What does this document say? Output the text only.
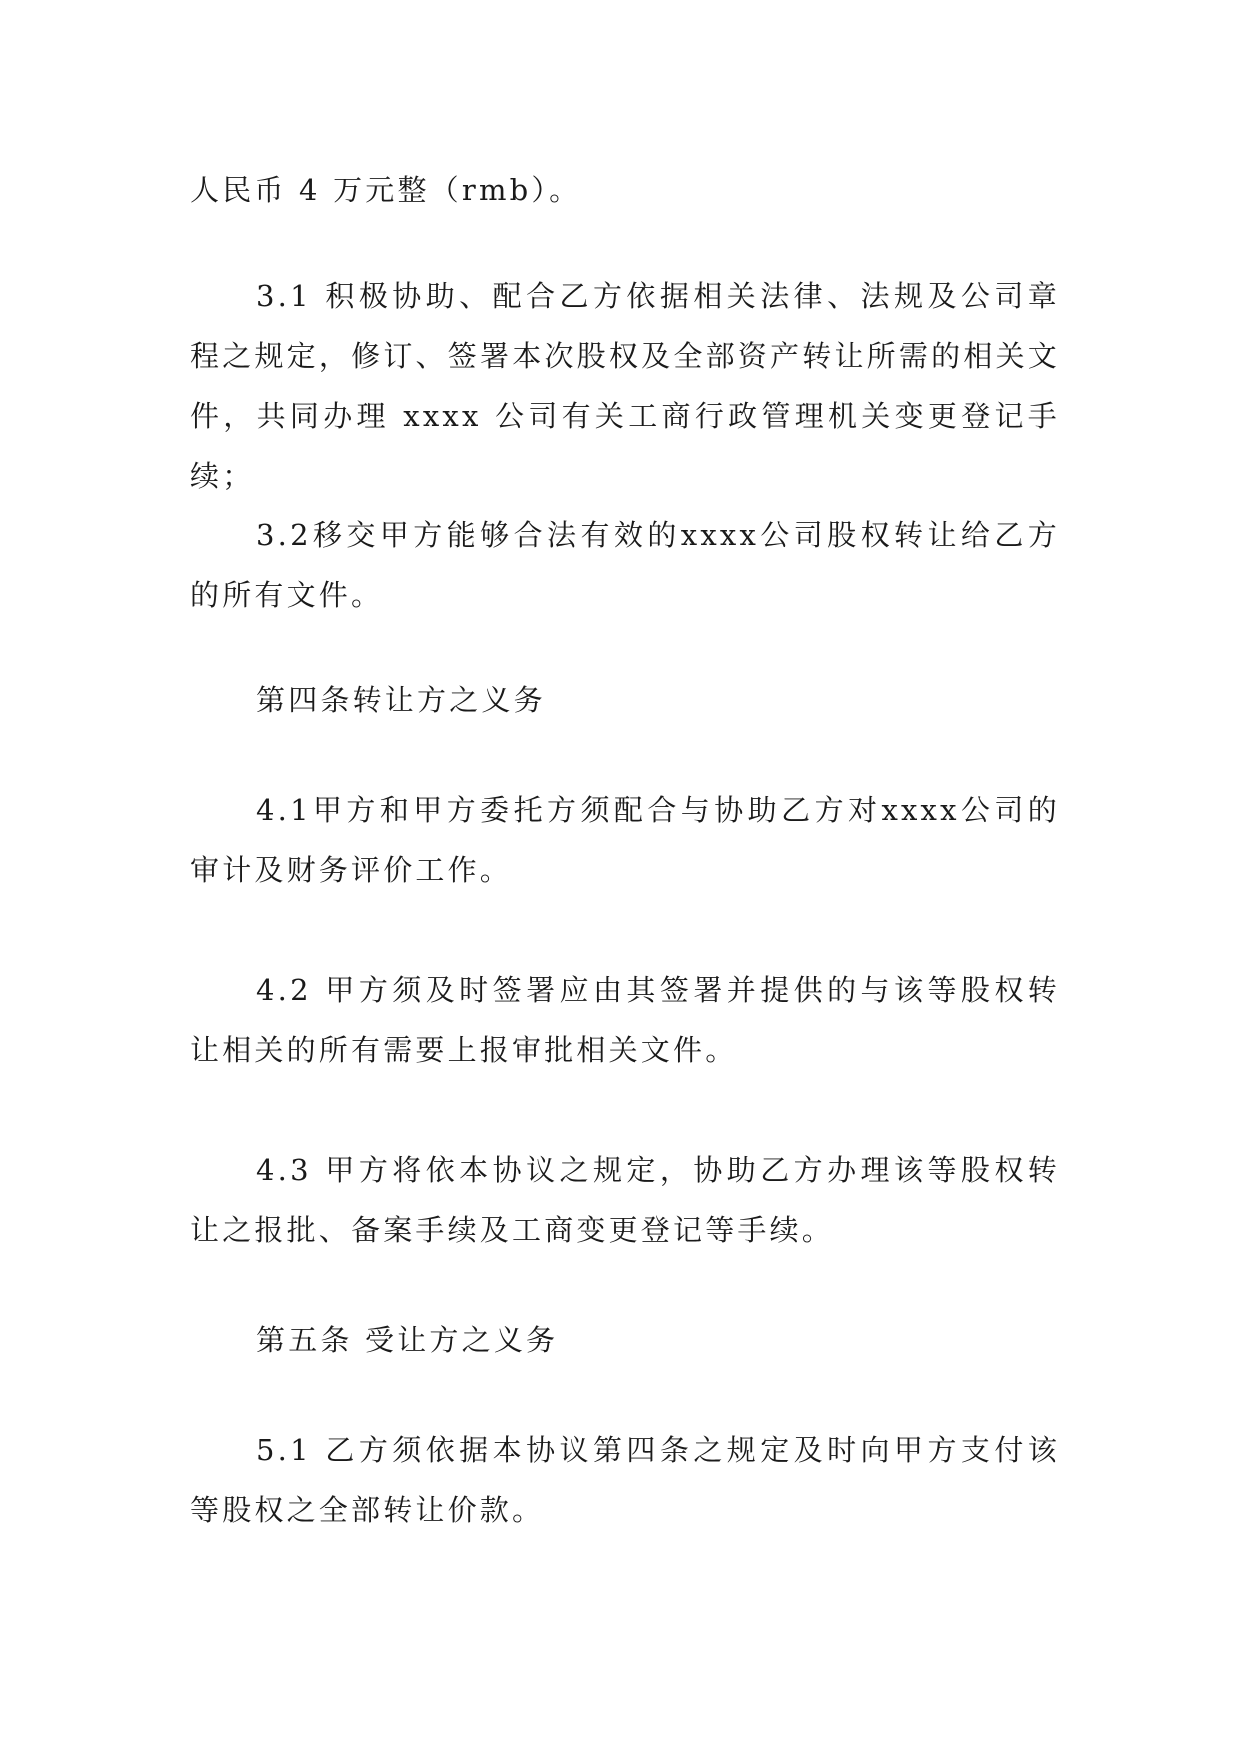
人民币 4 万元整（rmb）。

3.1 积极协助、配合乙方依据相关法律、法规及公司章程之规定，修订、签署本次股权及全部资产转让所需的相关文件，共同办理 xxxx 公司有关工商行政管理机关变更登记手续；

3.2移交甲方能够合法有效的xxxx公司股权转让给乙方的所有文件。

第四条转让方之义务

4.1甲方和甲方委托方须配合与协助乙方对xxxx公司的审计及财务评价工作。

4.2 甲方须及时签署应由其签署并提供的与该等股权转让相关的所有需要上报审批相关文件。

4.3 甲方将依本协议之规定，协助乙方办理该等股权转让之报批、备案手续及工商变更登记等手续。

第五条 受让方之义务

5.1 乙方须依据本协议第四条之规定及时向甲方支付该等股权之全部转让价款。
